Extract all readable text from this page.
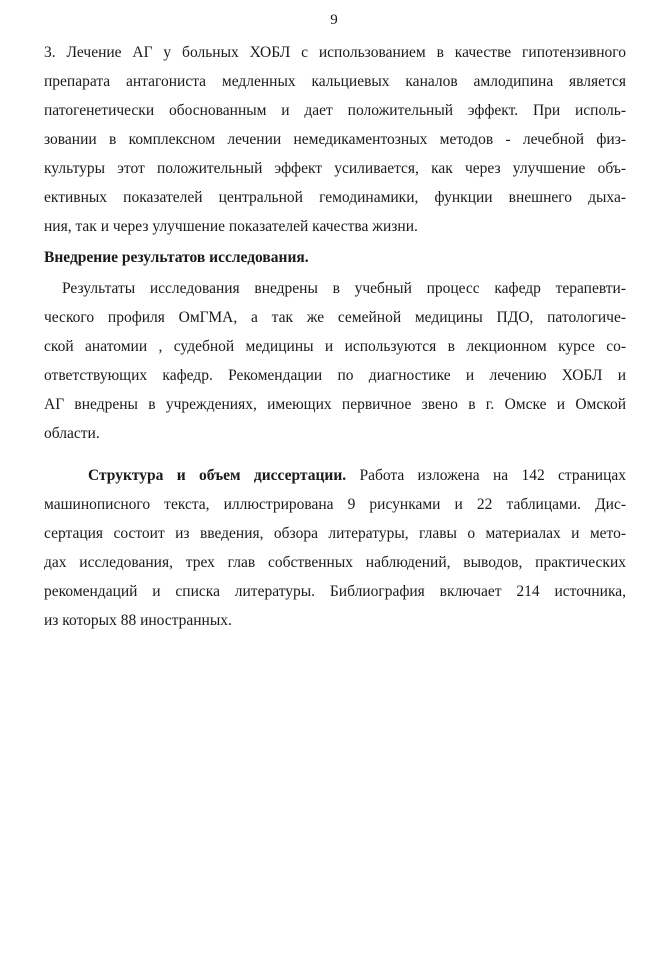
9
3. Лечение АГ у больных ХОБЛ с использованием в качестве гипотензивного
препарата антагониста медленных кальциевых каналов амлодипина является
патогенетически обоснованным и дает положительный эффект. При исполь-
зовании в комплексном лечении немедикаментозных методов - лечебной физ-
культуры этот положительный эффект усиливается, как через улучшение объ-
ективных показателей центральной гемодинамики, функции внешнего дыха-
ния, так и через улучшение показателей качества жизни.
Внедрение результатов исследования.
Результаты исследования внедрены в учебный процесс кафедр терапевти-
ческого профиля ОмГМА, а так же семейной медицины ПДО, патологиче-
ской анатомии , судебной медицины и используются в лекционном курсе со-
ответствующих кафедр. Рекомендации по диагностике и лечению ХОБЛ и
АГ внедрены в учреждениях, имеющих первичное звено в г. Омске и Омской
области.
Структура и объем диссертации. Работа изложена на 142 страницах
машинописного текста, иллюстрирована 9 рисунками и 22 таблицами. Дис-
сертация состоит из введения, обзора литературы, главы о материалах и мето-
дах исследования, трех глав собственных наблюдений, выводов, практических
рекомендаций и списка литературы. Библиография включает 214 источника,
из которых 88 иностранных.
